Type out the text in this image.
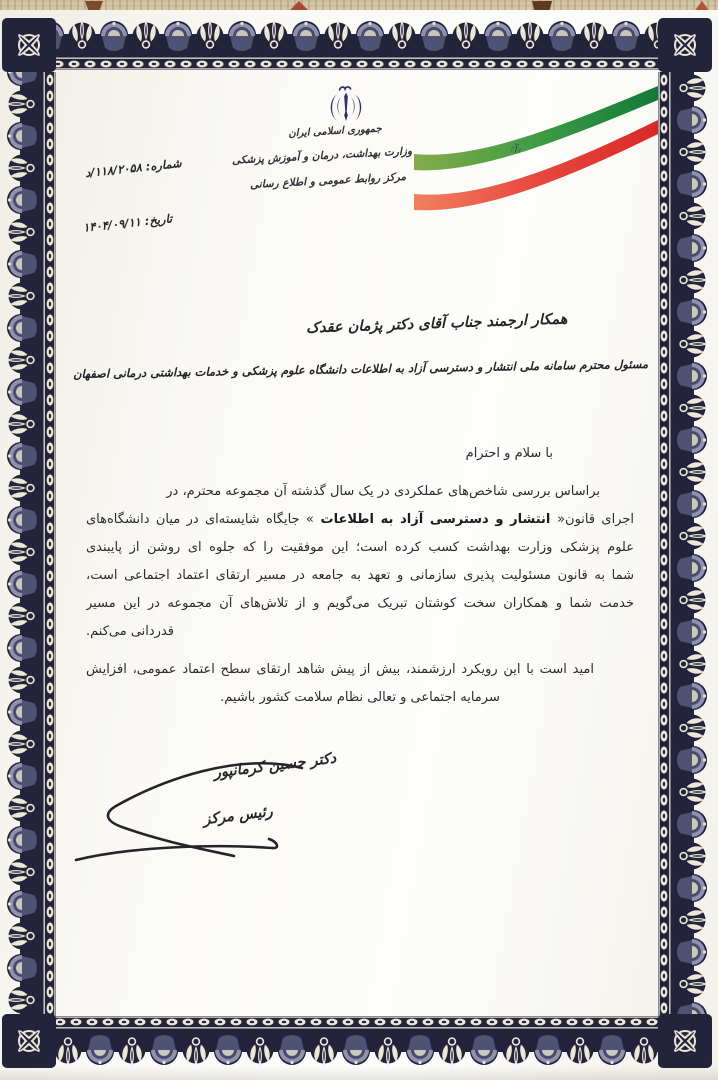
جمهوری اسلامی ایران
وزارت بهداشت، درمان و آموزش پزشکی
مرکز روابط عمومی و اطلاع رسانی
شماره: ۱۱۸/۲۰۵۸/د
تاریخ: ۱۴۰۴/۰۹/۱۱
همکار ارجمند جناب آقای دکتر پژمان عقدک
مسئول محترم سامانه ملی انتشار و دسترسی آزاد به اطلاعات دانشگاه علوم پزشکی و خدمات بهداشتی درمانی اصفهان
با سلام و احترام
براساس بررسی شاخص‌های عملکردی در یک سال گذشته آن مجموعه محترم، در
اجرای قانون« انتشار و دسترسی آزاد به اطلاعات » جایگاه شایسته‌ای در میان دانشگاه‌های
علوم پزشکی وزارت بهداشت کسب کرده است؛ این موفقیت را که جلوه ای روشن از پایبندی
شما به قانون مسئولیت پذیری سازمانی و تعهد به جامعه در مسیر ارتقای اعتماد اجتماعی است،
خدمت شما و همکاران سخت کوشتان تبریک می‌گویم و از تلاش‌های آن مجموعه در این مسیر
قدردانی می‌کنم.
امید است با این رویکرد ارزشمند، بیش از پیش شاهد ارتقای سطح اعتماد عمومی، افزایش
سرمایه اجتماعی و تعالی نظام سلامت کشور باشیم.
دکتر حسین کرمانپور
رئیس مرکز
